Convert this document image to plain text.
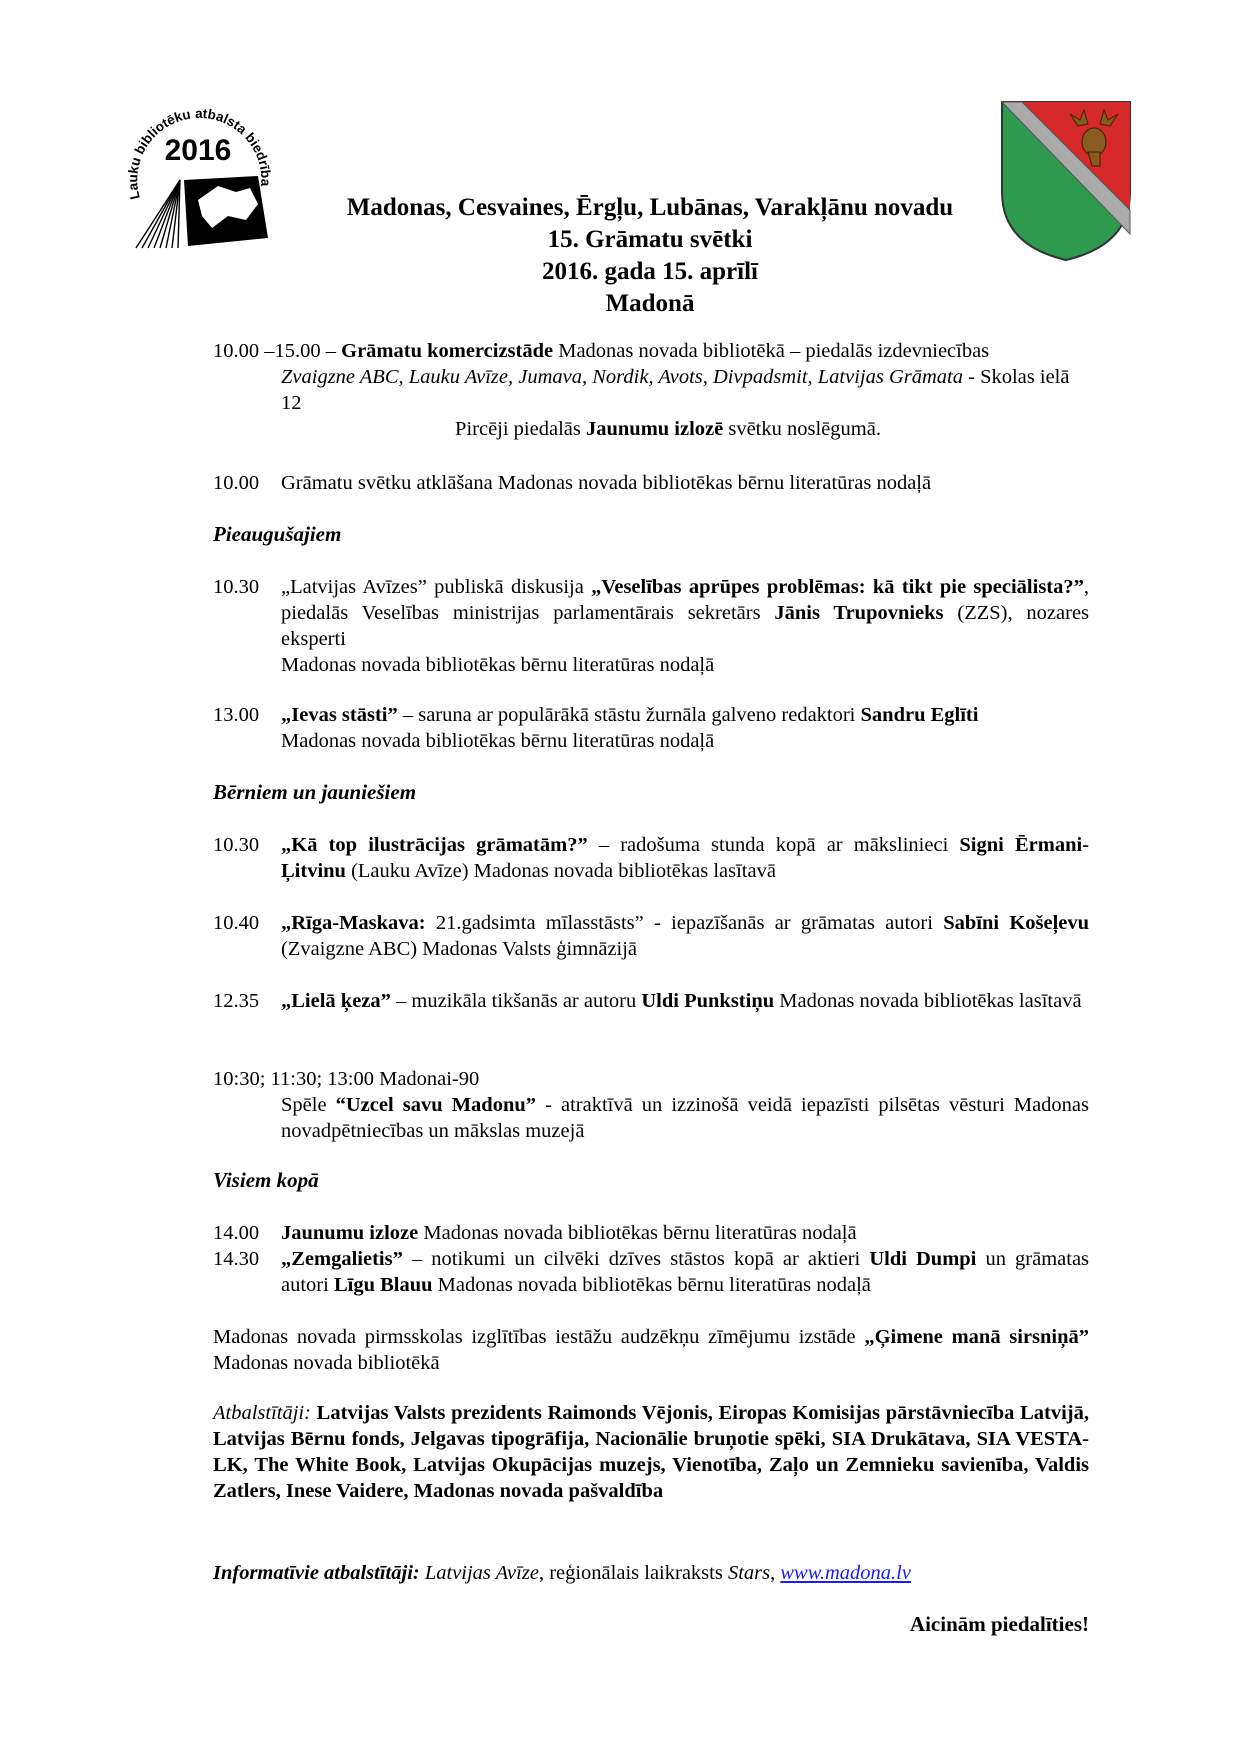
Lauku bibliotēku atbalsta biedrība
2016
Madonas, Cesvaines, Ērgļu, Lubānas, Varakļānu novadu
15. Grāmatu svētki
2016. gada 15. aprīlī
Madonā
10.00 –15.00 – Grāmatu komercizstāde Madonas novada bibliotēkā – piedalās izdevniecības
Zvaigzne ABC, Lauku Avīze, Jumava, Nordik, Avots, Divpadsmit, Latvijas Grāmata - Skolas ielā 12
Pircēji piedalās Jaunumu izlozē svētku noslēgumā.
10.00 Grāmatu svētku atklāšana Madonas novada bibliotēkas bērnu literatūras nodaļā
Pieaugušajiem
10.30 „Latvijas Avīzes” publiskā diskusija „Veselības aprūpes problēmas: kā tikt pie speciālista?”, piedalās Veselības ministrijas parlamentārais sekretārs Jānis Trupovnieks (ZZS), nozares eksperti
Madonas novada bibliotēkas bērnu literatūras nodaļā
13.00 „Ievas stāsti” – saruna ar populārākā stāstu žurnāla galveno redaktori Sandru Eglīti
Madonas novada bibliotēkas bērnu literatūras nodaļā
Bērniem un jauniešiem
10.30 „Kā top ilustrācijas grāmatām?” – radošuma stunda kopā ar mākslinieci Signi Ērmani- Ļitvinu (Lauku Avīze) Madonas novada bibliotēkas lasītavā
10.40 „Rīga-Maskava: 21.gadsimta mīlasstāsts” - iepazīšanās ar grāmatas autori Sabīni Košeļevu (Zvaigzne ABC) Madonas Valsts ģimnāzijā
12.35 „Lielā ķeza” – muzikāla tikšanās ar autoru Uldi Punkstiņu Madonas novada bibliotēkas lasītavā
10:30; 11:30; 13:00 Madonai-90
Spēle “Uzcel savu Madonu” - atraktīvā un izzinošā veidā iepazīsti pilsētas vēsturi Madonas novadpētniecības un mākslas muzejā
Visiem kopā
14.00 Jaunumu izloze Madonas novada bibliotēkas bērnu literatūras nodaļā
14.30 „Zemgalietis” – notikumi un cilvēki dzīves stāstos kopā ar aktieri Uldi Dumpi un grāmatas autori Līgu Blauu Madonas novada bibliotēkas bērnu literatūras nodaļā
Madonas novada pirmsskolas izglītības iestāžu audzēkņu zīmējumu izstāde „Ģimene manā sirsniņā” Madonas novada bibliotēkā
Atbalstītāji: Latvijas Valsts prezidents Raimonds Vējonis, Eiropas Komisijas pārstāvniecība Latvijā, Latvijas Bērnu fonds, Jelgavas tipogrāfija, Nacionālie bruņotie spēki, SIA Drukātava, SIA VESTA-LK, The White Book, Latvijas Okupācijas muzejs, Vienotība, Zaļo un Zemnieku savienība, Valdis Zatlers, Inese Vaidere, Madonas novada pašvaldība
Informatīvie atbalstītāji: Latvijas Avīze, reģionālais laikraksts Stars, www.madona.lv
Aicinām piedalīties!
